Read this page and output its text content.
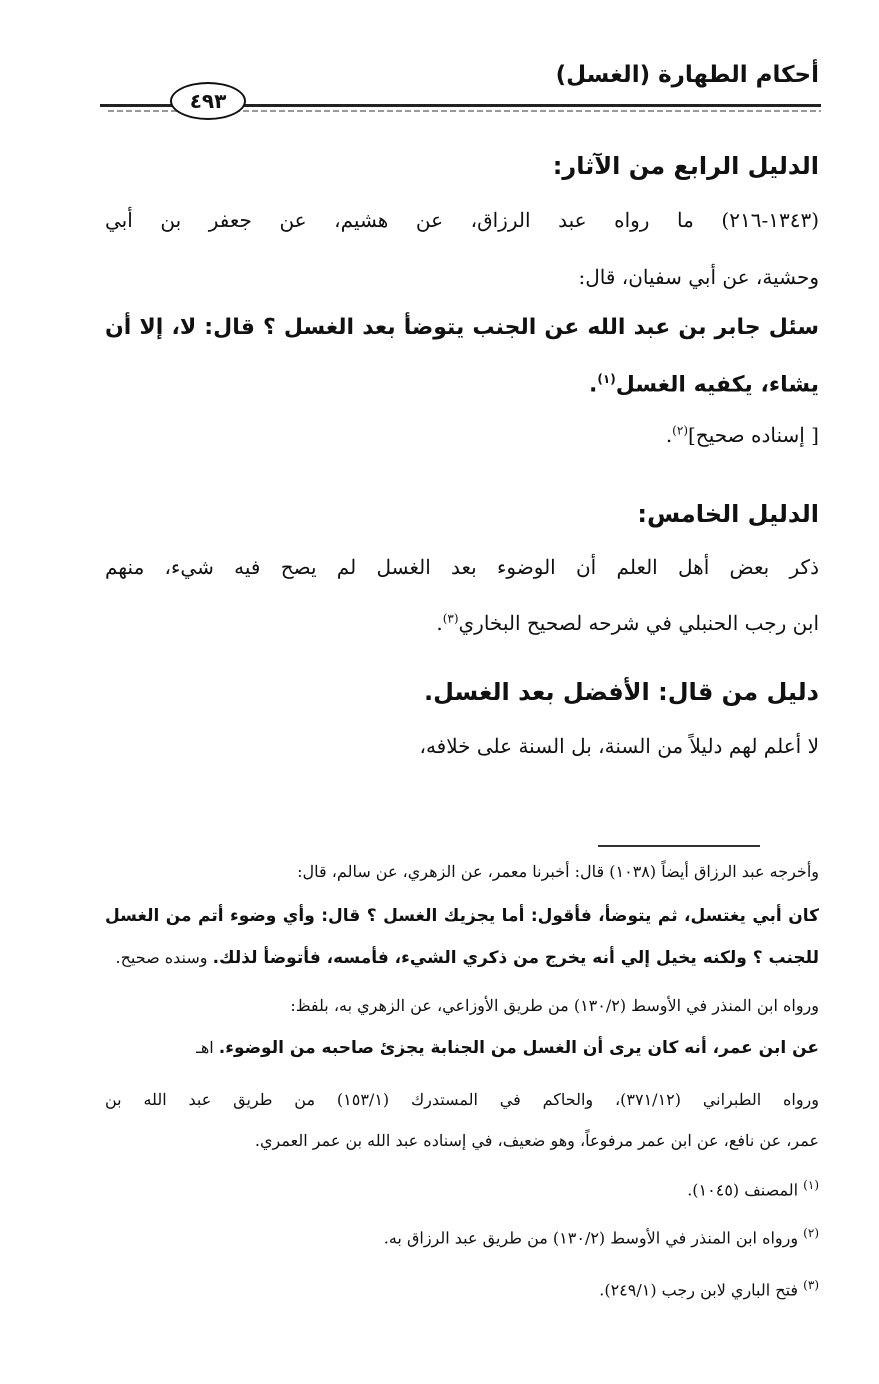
أحكام الطهارة (الغسل)
٤٩٣
الدليل الرابع من الآثار:
(١٣٤٣-٢١٦) ما رواه عبد الرزاق، عن هشيم، عن جعفر بن أبي
وحشية، عن أبي سفيان، قال:
سئل جابر بن عبد الله عن الجنب يتوضأ بعد الغسل ؟ قال: لا، إلا أن
يشاء، يكفيه الغسل$^{(١)}$.
[ إسناده صحيح]$^{(٢)}$.
الدليل الخامس:
ذكر بعض أهل العلم أن الوضوء بعد الغسل لم يصح فيه شيء، منهم
ابن رجب الحنبلي في شرحه لصحيح البخاري$^{(٣)}$.
دليل من قال: الأفضل بعد الغسل.
لا أعلم لهم دليلاً من السنة، بل السنة على خلافه،
وأخرجه عبد الرزاق أيضاً (١٠٣٨) قال: أخبرنا معمر، عن الزهري، عن سالم، قال:
كان أبي يغتسل، ثم يتوضأ، فأقول: أما يجزيك الغسل ؟ قال: وأي وضوء أتم من الغسل
للجنب ؟ ولكنه يخيل إلي أنه يخرج من ذكري الشيء، فأمسه، فأتوضأ لذلك. وسنده صحيح.
ورواه ابن المنذر في الأوسط (١٣٠/٢) من طريق الأوزاعي، عن الزهري به، بلفظ:
عن ابن عمر، أنه كان يرى أن الغسل من الجنابة يجزئ صاحبه من الوضوء. اهـ
ورواه الطبراني (٣٧١/١٢)، والحاكم في المستدرك (١٥٣/١) من طريق عبد الله بن
عمر، عن نافع، عن ابن عمر مرفوعاً، وهو ضعيف، في إسناده عبد الله بن عمر العمري.
$^{(١)}$ المصنف (١٠٤٥).
$^{(٢)}$ ورواه ابن المنذر في الأوسط (١٣٠/٢) من طريق عبد الرزاق به.
$^{(٣)}$ فتح الباري لابن رجب (٢٤٩/١).
